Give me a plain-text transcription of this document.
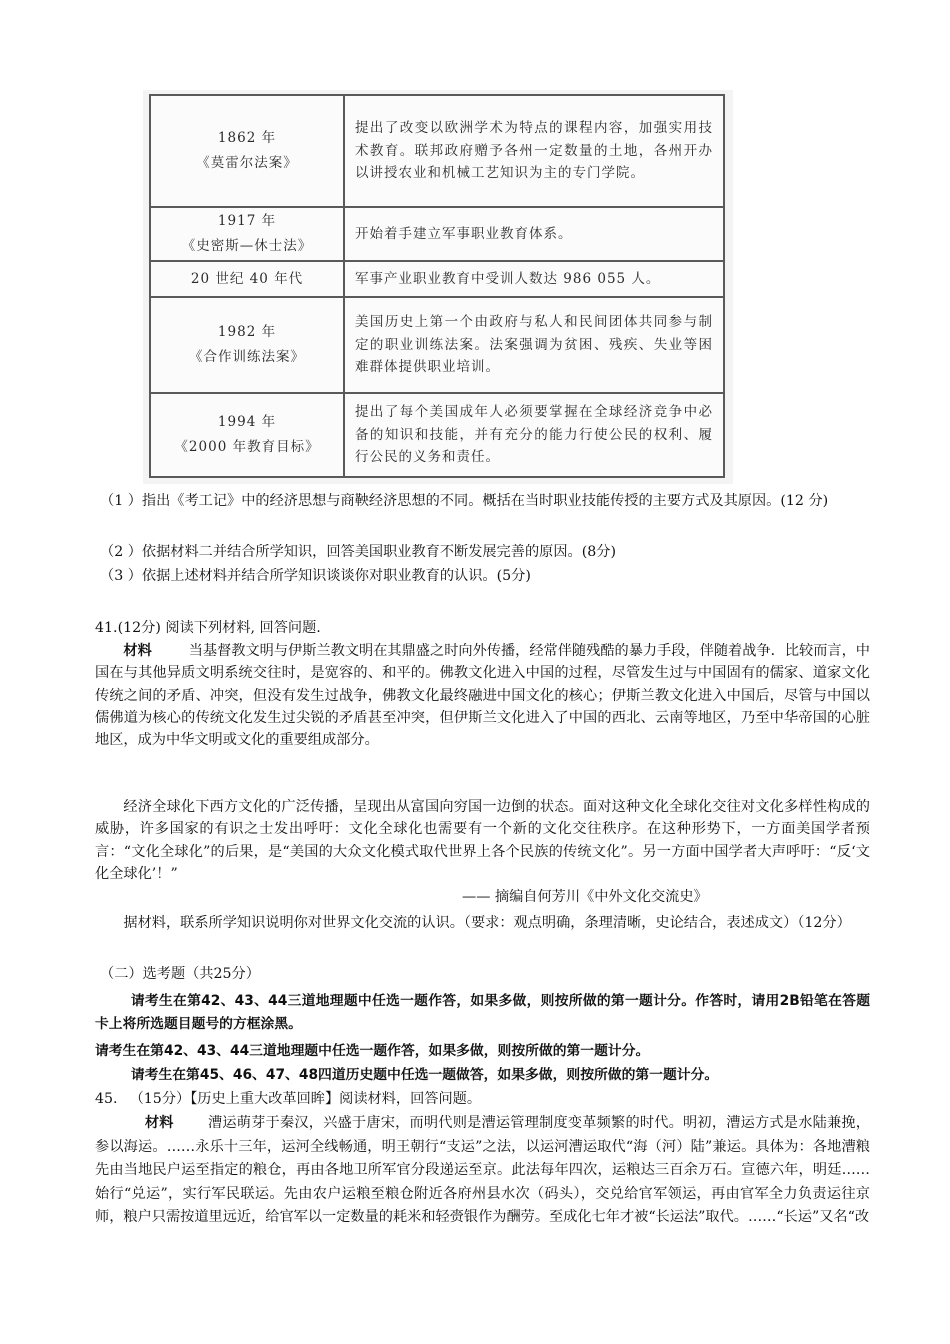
1862 年
《莫雷尔法案》	提出了改变以欧洲学术为特点的课程内容，加强实用技术教育。联邦政府赠予各州一定数量的土地，各州开办以讲授农业和机械工艺知识为主的专门学院。

1917 年
《史密斯—休士法》	开始着手建立军事职业教育体系。

20 世纪 40 年代	军事产业职业教育中受训人数达 986 055 人。

1982 年
《合作训练法案》	美国历史上第一个由政府与私人和民间团体共同参与制定的职业训练法案。法案强调为贫困、残疾、失业等困难群体提供职业培训。

1994 年
《2000 年教育目标》	提出了每个美国成年人必须要掌握在全球经济竞争中必备的知识和技能，并有充分的能力行使公民的权利、履行公民的义务和责任。
（1 ）指出《考工记》中的经济思想与商鞅经济思想的不同。概括在当时职业技能传授的主要方式及其原因。(12 分)
（2 ）依据材料二并结合所学知识，回答美国职业教育不断发展完善的原因。(8分)
（3 ）依据上述材料并结合所学知识谈谈你对职业教育的认识。(5分)
41.(12分) 阅读下列材料, 回答问题.
材料	当基督教文明与伊斯兰教文明在其鼎盛之时向外传播，经常伴随残酷的暴力手段，伴随着战争．比较而言，中国在与其他异质文明系统交往时，是宽容的、和平的。佛教文化进入中国的过程，尽管发生过与中国固有的儒家、道家文化传统之间的矛盾、冲突，但没有发生过战争，佛教文化最终融进中国文化的核心；伊斯兰教文化进入中国后，尽管与中国以儒佛道为核心的传统文化发生过尖锐的矛盾甚至冲突，但伊斯兰文化进入了中国的西北、云南等地区，乃至中华帝国的心脏地区，成为中华文明或文化的重要组成部分。
经济全球化下西方文化的广泛传播，呈现出从富国向穷国一边倒的状态。面对这种文化全球化交往对文化多样性构成的威胁，许多国家的有识之士发出呼吁：文化全球化也需要有一个新的文化交往秩序。在这种形势下，一方面美国学者预言：“文化全球化”的后果，是“美国的大众文化模式取代世界上各个民族的传统文化”。另一方面中国学者大声呼吁：“反‘文化全球化’！”
—— 摘编自何芳川《中外文化交流史》
据材料，联系所学知识说明你对世界文化交流的认识。（要求：观点明确，条理清晰，史论结合，表述成文）（12分）
（二）选考题（共25分）
请考生在第42、43、44三道地理题中任选一题作答，如果多做，则按所做的第一题计分。作答时，请用2B铅笔在答题卡上将所选题目题号的方框涂黑。
请考生在第42、43、44三道地理题中任选一题作答，如果多做，则按所做的第一题计分。
请考生在第45、46、47、48四道历史题中任选一题做答，如果多做，则按所做的第一题计分。
45. （15分）【历史上重大改革回眸】阅读材料，回答问题。
材料 漕运萌芽于秦汉，兴盛于唐宋，而明代则是漕运管理制度变革频繁的时代。明初，漕运方式是水陆兼挽，参以海运。……永乐十三年，运河全线畅通，明王朝行“支运”之法，以运河漕运取代“海（河）陆”兼运。具体为：各地漕粮先由当地民户运至指定的粮仓，再由各地卫所军官分段递运至京。此法每年四次，运粮达三百余万石。宣德六年，明廷……始行“兑运”，实行军民联运。先由农户运粮至粮仓附近各府州县水次（码头），交兑给官军领运，再由官军全力负责运往京师，粮户只需按道里远近，给官军以一定数量的耗米和轻赍银作为酬劳。至成化七年才被“长运法”取代。……“长运”又名“改
